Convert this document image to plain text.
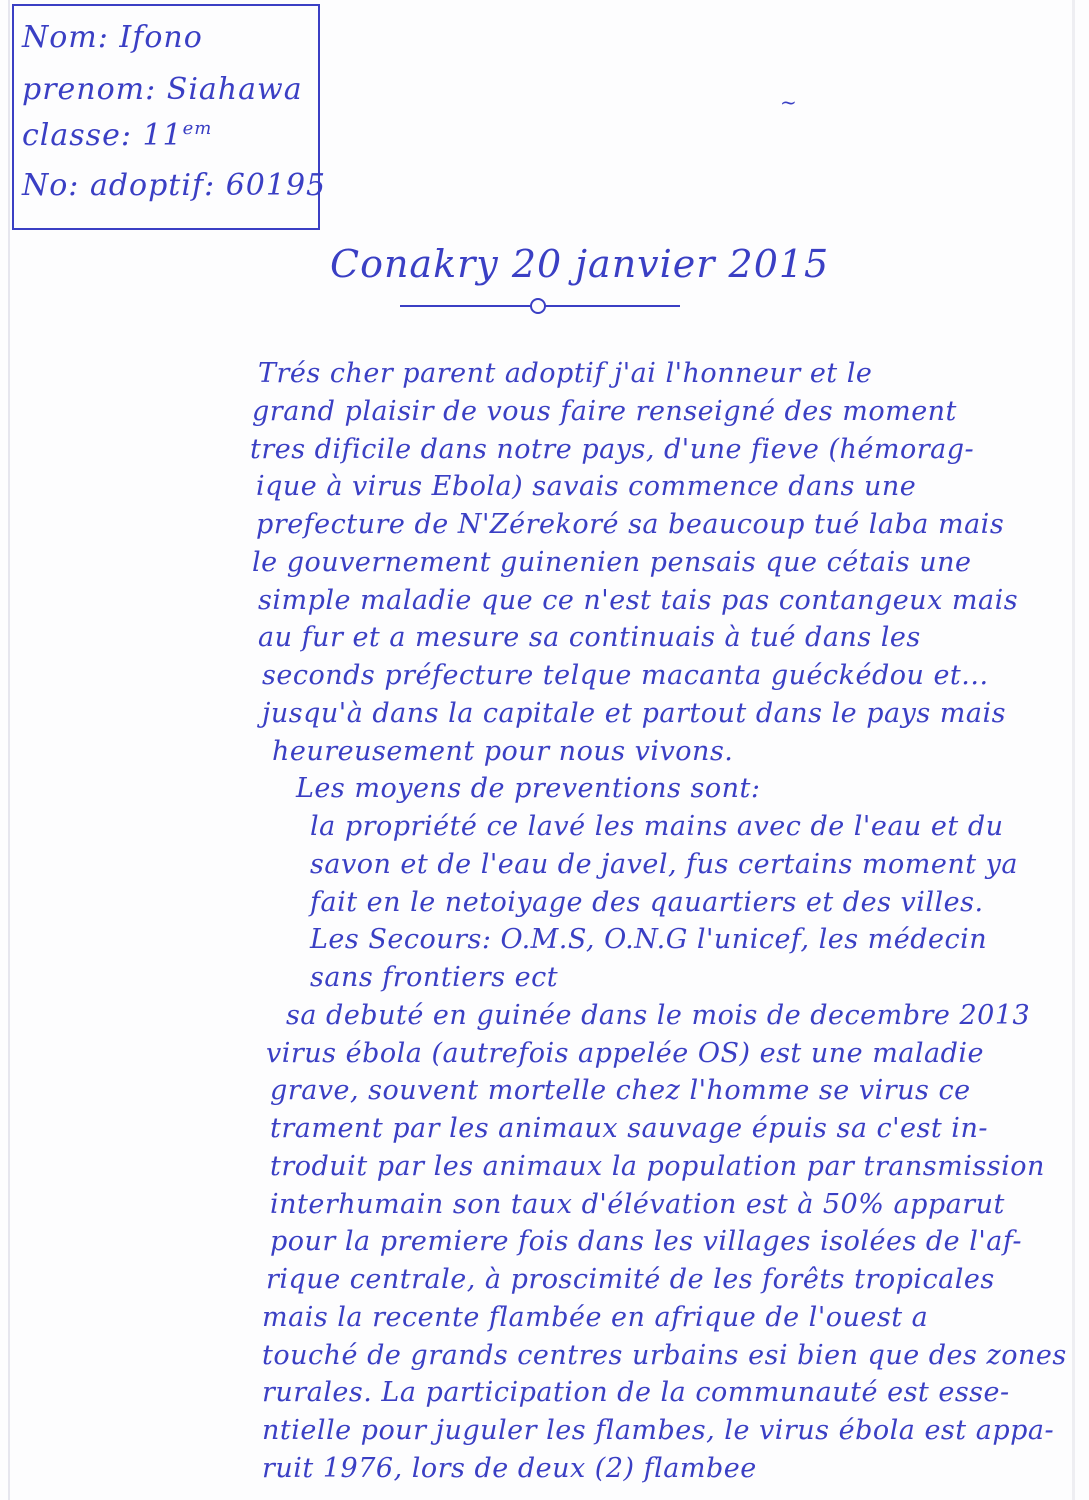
Nom: Ifono
prenom: Siahawa
classe: $11^{em}$
No: adoptif: 60195
~
Conakry 20 janvier 2015
Trés cher parent adoptif j'ai l'honneur et le
grand plaisir de vous faire renseigné des moment
tres dificile dans notre pays, d'une fieve (hémorag-
ique à virus Ebola) savais commence dans une
prefecture de N'Zérekoré sa beaucoup tué laba mais
le gouvernement guinenien pensais que cétais une
simple maladie que ce n'est tais pas contangeux mais
au fur et a mesure sa continuais à tué dans les
seconds préfecture telque macanta guéckédou et...
jusqu'à dans la capitale et partout dans le pays mais
heureusement pour nous vivons.
Les moyens de preventions sont:
la propriété ce lavé les mains avec de l'eau et du
savon et de l'eau de javel, fus certains moment ya
fait en le netoiyage des qauartiers et des villes.
Les Secours: O.M.S, O.N.G l'unicef, les médecin
sans frontiers ect
sa debuté en guinée dans le mois de decembre 2013
virus ébola (autrefois appelée OS) est une maladie
grave, souvent mortelle chez l'homme se virus ce
trament par les animaux sauvage épuis sa c'est in-
troduit par les animaux la population par transmission
interhumain son taux d'élévation est à 50% apparut
pour la premiere fois dans les villages isolées de l'af-
rique centrale, à proscimité de les forêts tropicales
mais la recente flambée en afrique de l'ouest a
touché de grands centres urbains esi bien que des zones
rurales. La participation de la communauté est esse-
ntielle pour juguler les flambes, le virus ébola est appa-
ruit 1976, lors de deux (2) flambee
